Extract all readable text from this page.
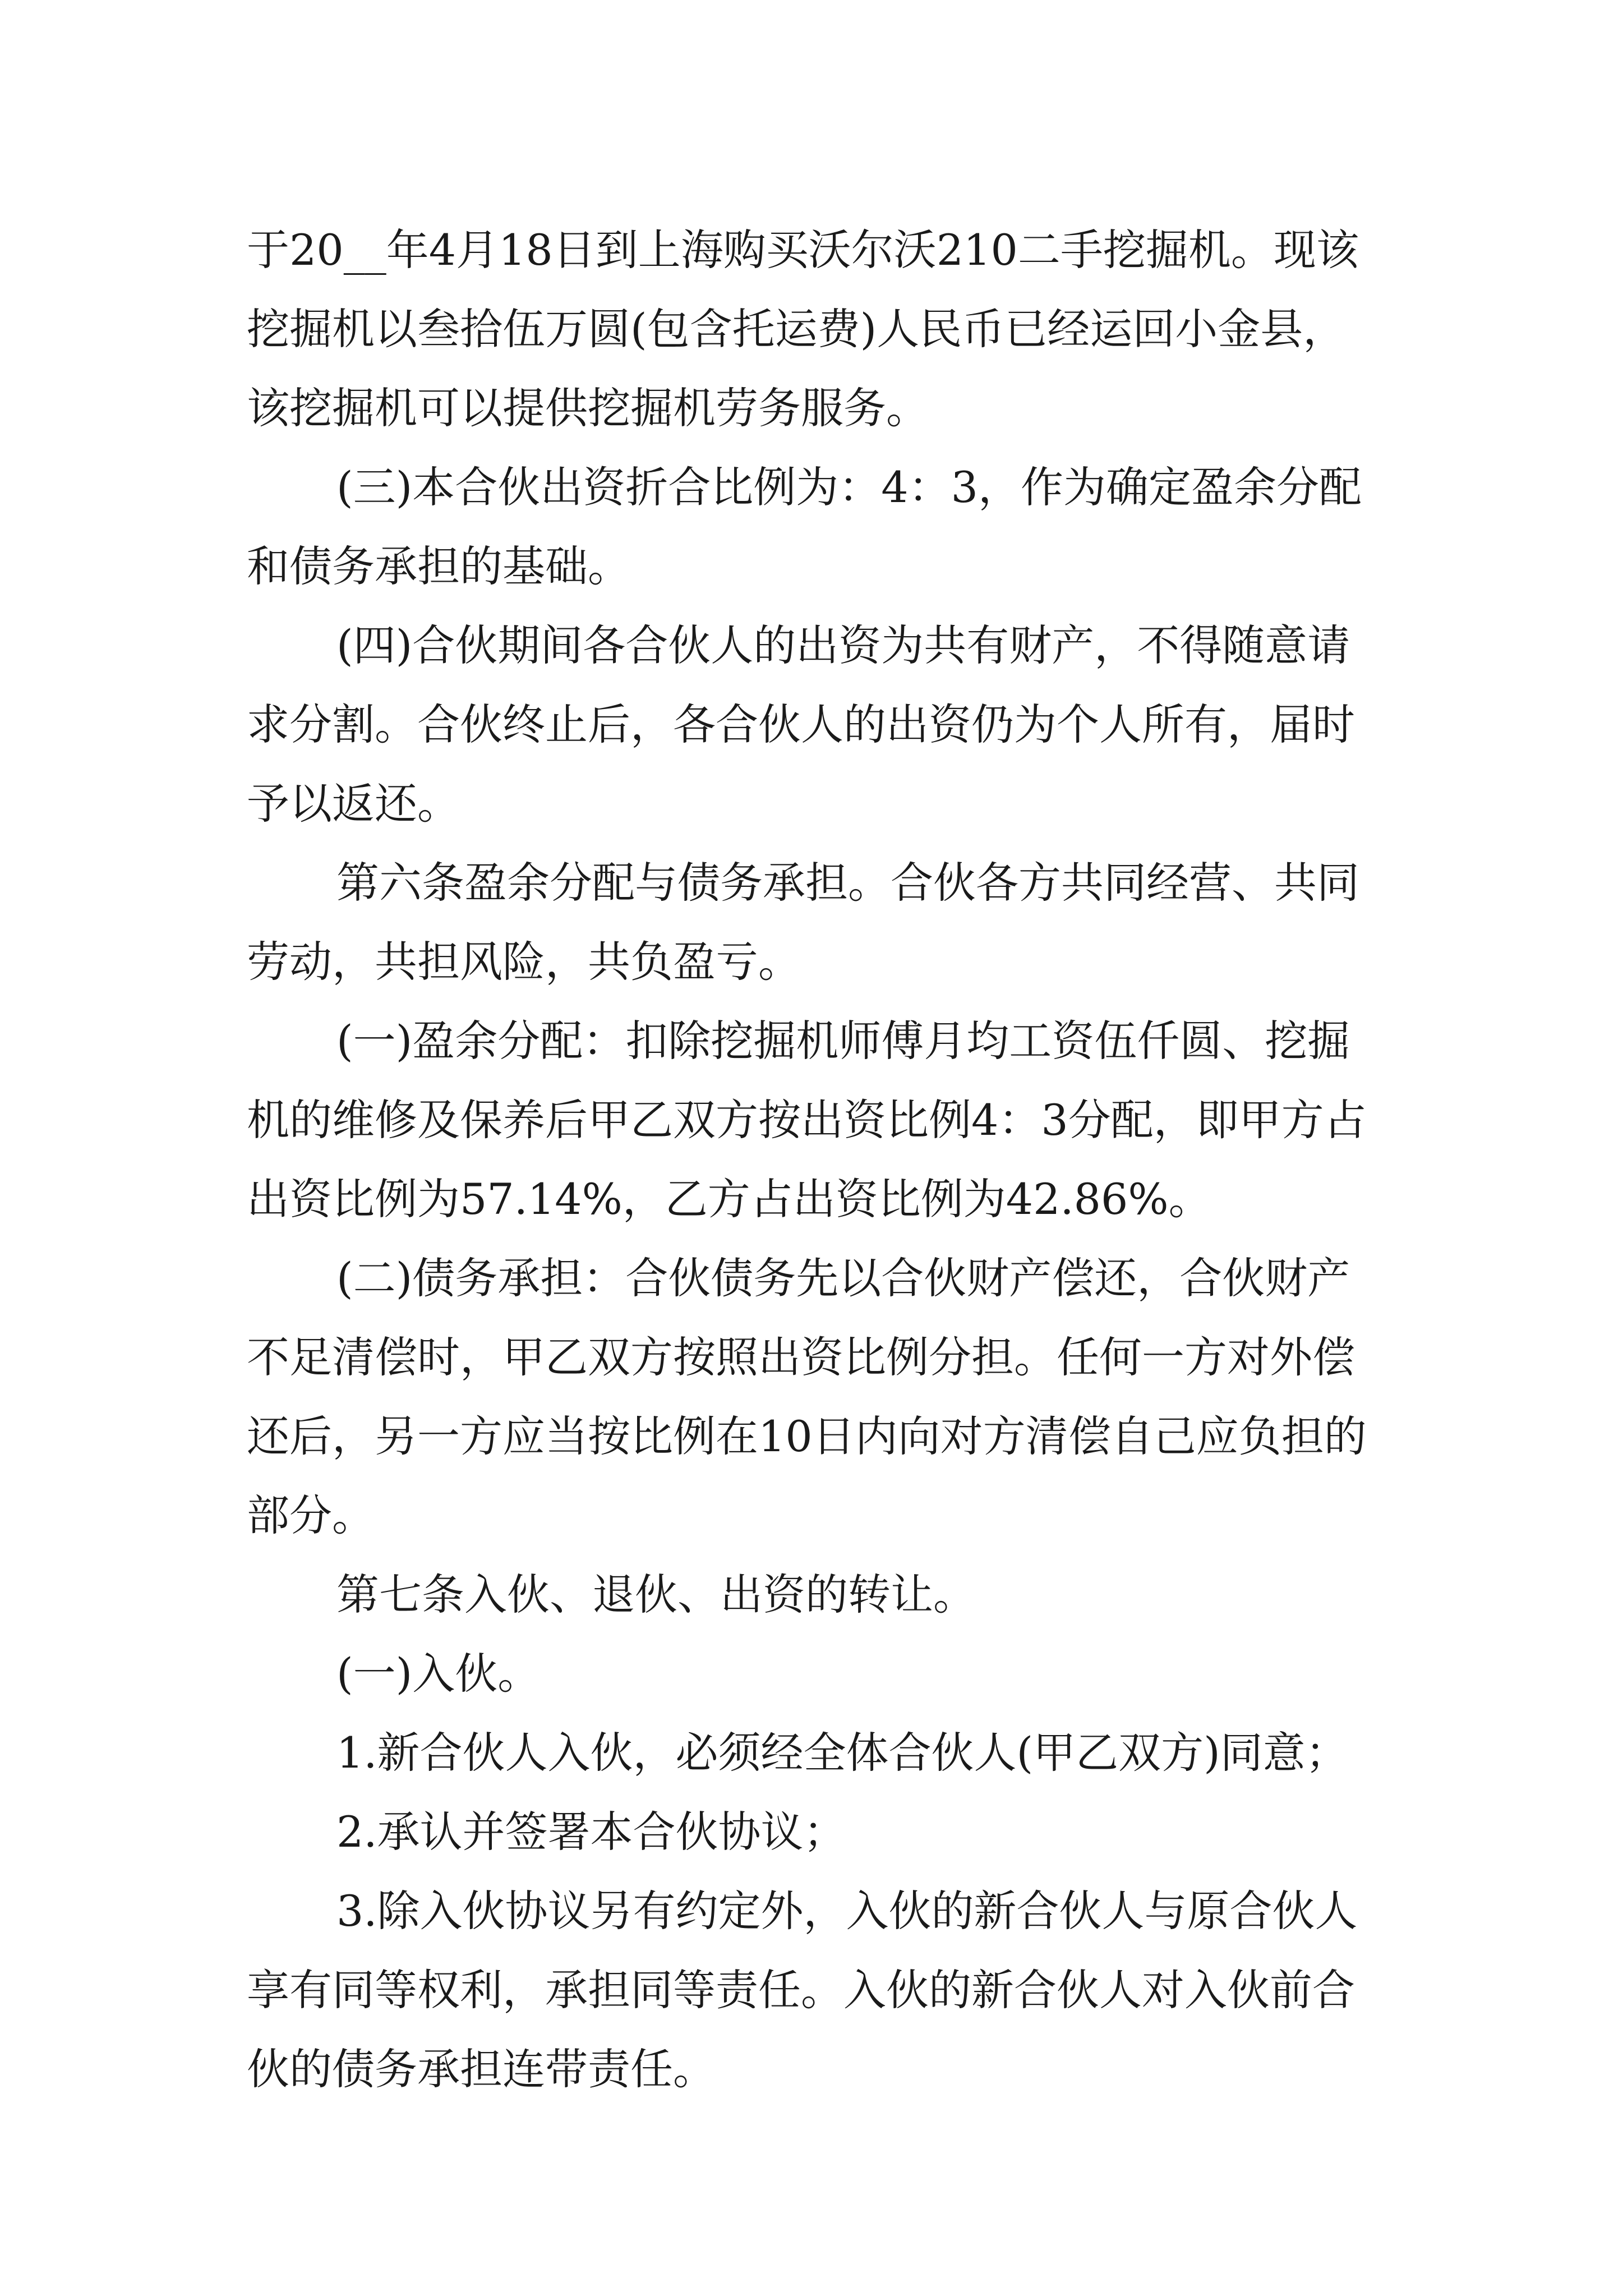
于20__年4月18日到上海购买沃尔沃210二手挖掘机。现该挖掘机以叁拾伍万圆(包含托运费)人民币已经运回小金县，该挖掘机可以提供挖掘机劳务服务。

(三)本合伙出资折合比例为：4：3，作为确定盈余分配和债务承担的基础。

(四)合伙期间各合伙人的出资为共有财产，不得随意请求分割。合伙终止后，各合伙人的出资仍为个人所有，届时予以返还。

第六条盈余分配与债务承担。合伙各方共同经营、共同劳动，共担风险，共负盈亏。

(一)盈余分配：扣除挖掘机师傅月均工资伍仟圆、挖掘机的维修及保养后甲乙双方按出资比例4：3分配，即甲方占出资比例为57.14%，乙方占出资比例为42.86%。

(二)债务承担：合伙债务先以合伙财产偿还，合伙财产不足清偿时，甲乙双方按照出资比例分担。任何一方对外偿还后，另一方应当按比例在10日内向对方清偿自己应负担的部分。

第七条入伙、退伙、出资的转让。

(一)入伙。

1.新合伙人入伙，必须经全体合伙人(甲乙双方)同意；

2.承认并签署本合伙协议；

3.除入伙协议另有约定外，入伙的新合伙人与原合伙人享有同等权利，承担同等责任。入伙的新合伙人对入伙前合伙的债务承担连带责任。
